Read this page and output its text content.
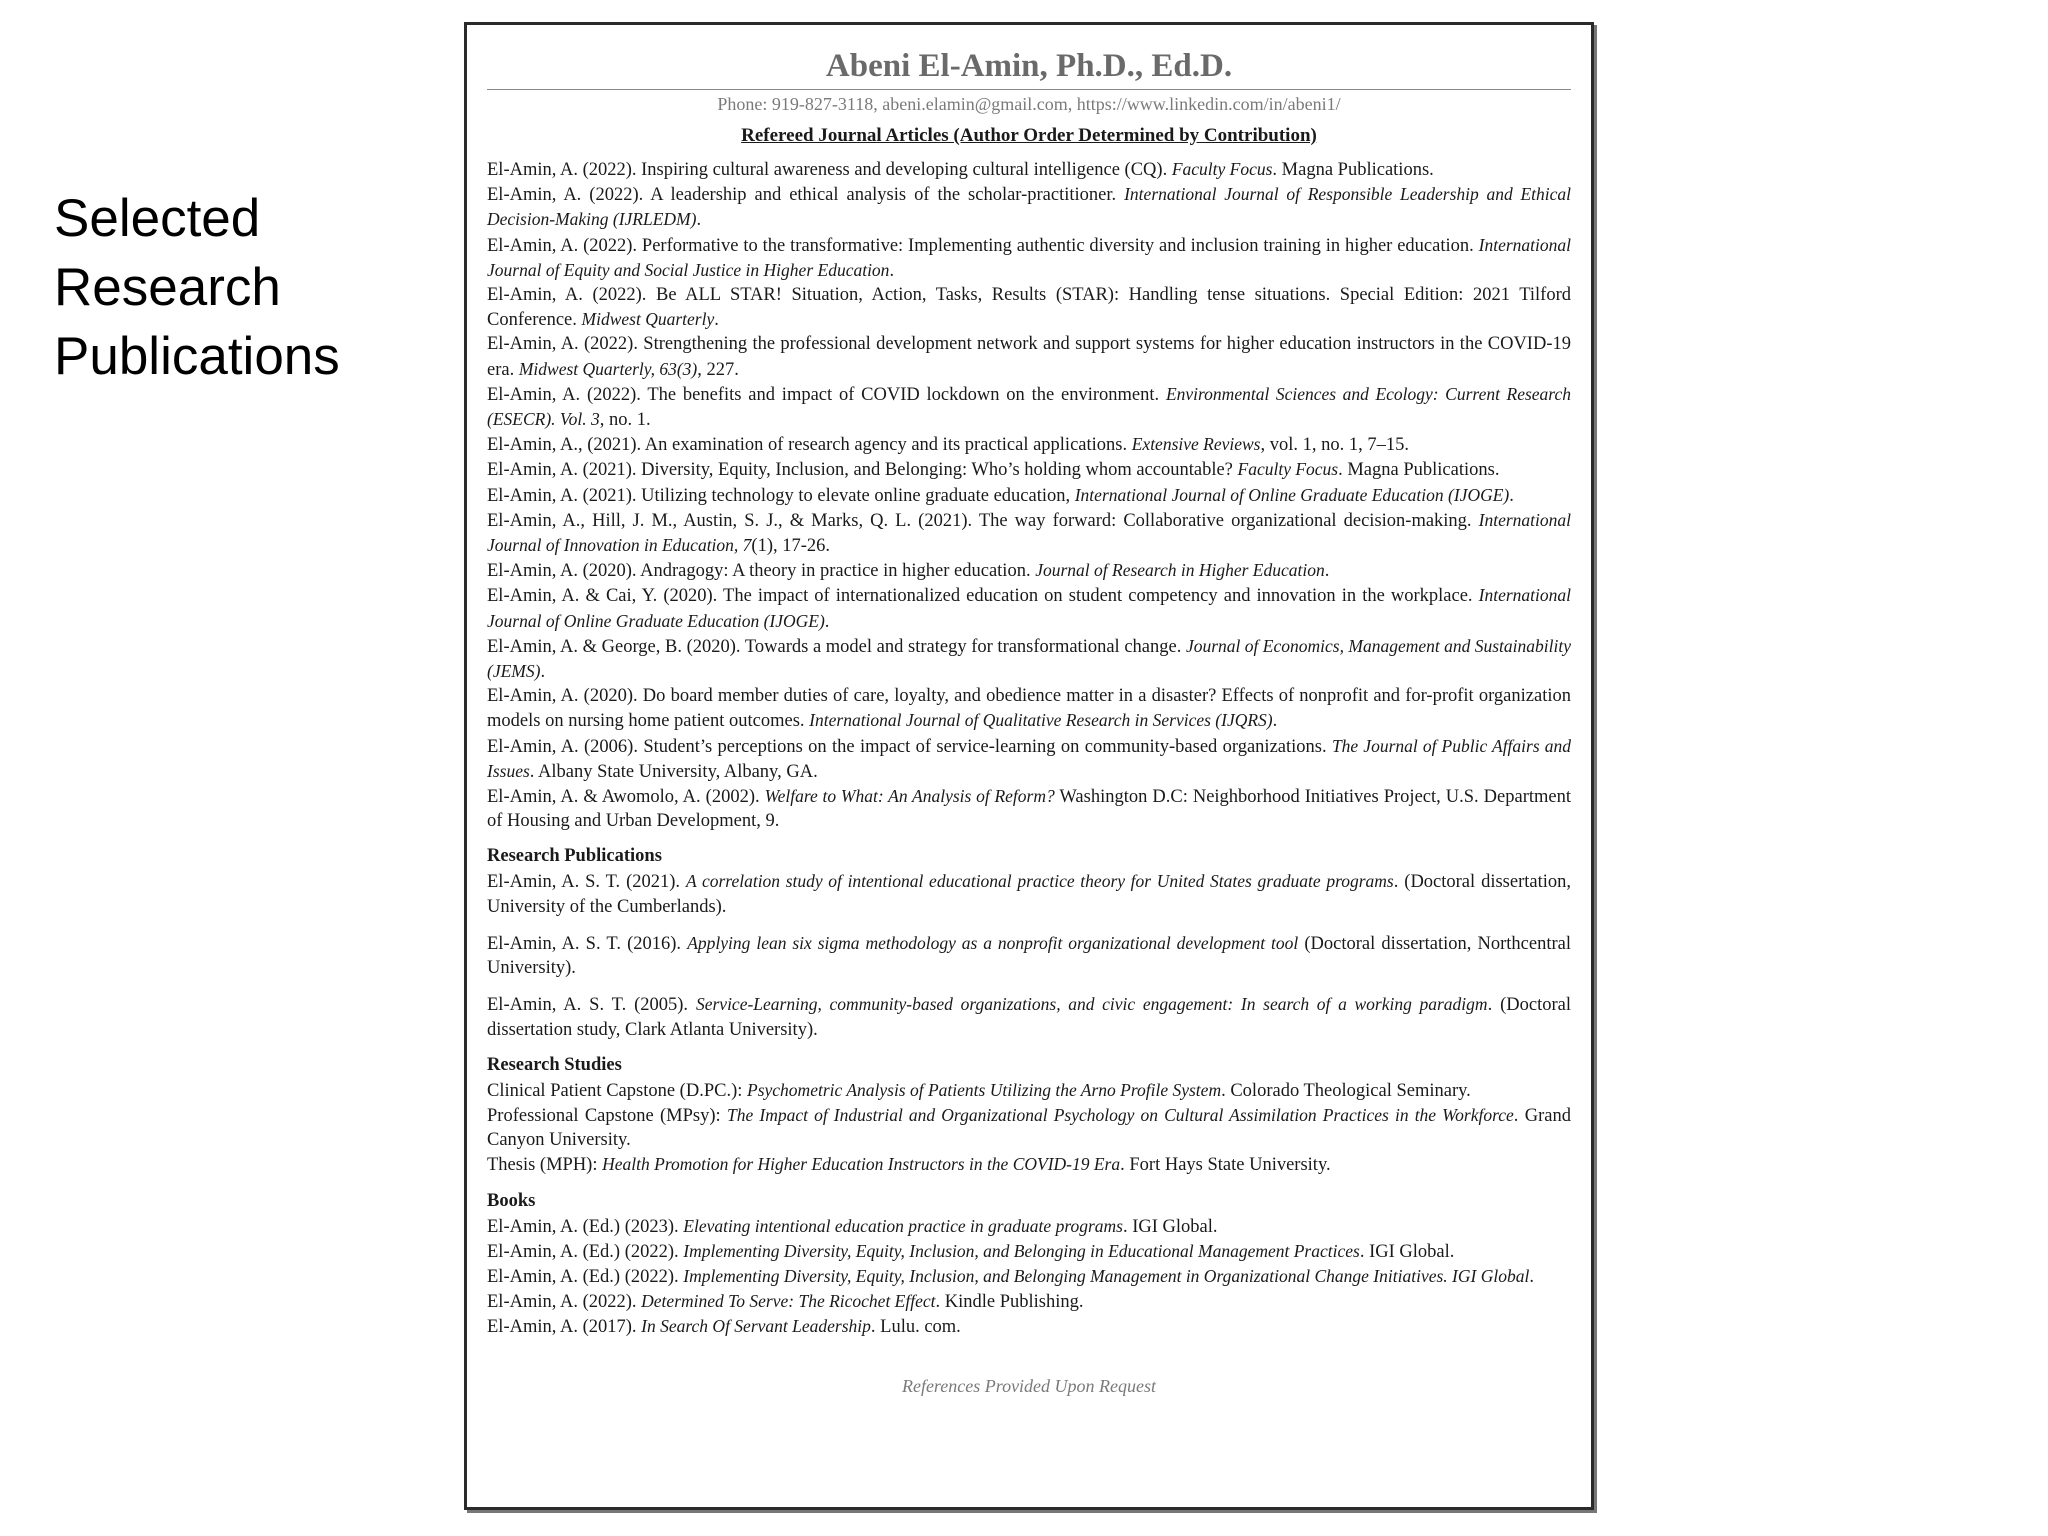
Selected Research Publications
Abeni El-Amin, Ph.D., Ed.D.
Phone: 919-827-3118, abeni.elamin@gmail.com, https://www.linkedin.com/in/abeni1/
Refereed Journal Articles (Author Order Determined by Contribution)
El-Amin, A. (2022). Inspiring cultural awareness and developing cultural intelligence (CQ). Faculty Focus. Magna Publications.
El-Amin, A. (2022). A leadership and ethical analysis of the scholar-practitioner. International Journal of Responsible Leadership and Ethical Decision-Making (IJRLEDM).
El-Amin, A. (2022). Performative to the transformative: Implementing authentic diversity and inclusion training in higher education. International Journal of Equity and Social Justice in Higher Education.
El-Amin, A. (2022). Be ALL STAR! Situation, Action, Tasks, Results (STAR): Handling tense situations. Special Edition: 2021 Tilford Conference. Midwest Quarterly.
El-Amin, A. (2022). Strengthening the professional development network and support systems for higher education instructors in the COVID-19 era. Midwest Quarterly, 63(3), 227.
El-Amin, A. (2022). The benefits and impact of COVID lockdown on the environment. Environmental Sciences and Ecology: Current Research (ESECR). Vol. 3, no. 1.
El-Amin, A., (2021). An examination of research agency and its practical applications. Extensive Reviews, vol. 1, no. 1, 7–15.
El-Amin, A. (2021). Diversity, Equity, Inclusion, and Belonging: Who’s holding whom accountable? Faculty Focus. Magna Publications.
El-Amin, A. (2021). Utilizing technology to elevate online graduate education, International Journal of Online Graduate Education (IJOGE).
El-Amin, A., Hill, J. M., Austin, S. J., & Marks, Q. L. (2021). The way forward: Collaborative organizational decision-making. International Journal of Innovation in Education, 7(1), 17-26.
El-Amin, A. (2020). Andragogy: A theory in practice in higher education. Journal of Research in Higher Education.
El-Amin, A. & Cai, Y. (2020). The impact of internationalized education on student competency and innovation in the workplace. International Journal of Online Graduate Education (IJOGE).
El-Amin, A. & George, B. (2020). Towards a model and strategy for transformational change. Journal of Economics, Management and Sustainability (JEMS).
El-Amin, A. (2020). Do board member duties of care, loyalty, and obedience matter in a disaster? Effects of nonprofit and for-profit organization models on nursing home patient outcomes. International Journal of Qualitative Research in Services (IJQRS).
El-Amin, A. (2006). Student’s perceptions on the impact of service-learning on community-based organizations. The Journal of Public Affairs and Issues. Albany State University, Albany, GA.
El-Amin, A. & Awomolo, A. (2002). Welfare to What: An Analysis of Reform? Washington D.C: Neighborhood Initiatives Project, U.S. Department of Housing and Urban Development, 9.
Research Publications
El-Amin, A. S. T. (2021). A correlation study of intentional educational practice theory for United States graduate programs. (Doctoral dissertation, University of the Cumberlands).
El-Amin, A. S. T. (2016). Applying lean six sigma methodology as a nonprofit organizational development tool (Doctoral dissertation, Northcentral University).
El-Amin, A. S. T. (2005). Service-Learning, community-based organizations, and civic engagement: In search of a working paradigm. (Doctoral dissertation study, Clark Atlanta University).
Research Studies
Clinical Patient Capstone (D.PC.): Psychometric Analysis of Patients Utilizing the Arno Profile System. Colorado Theological Seminary.
Professional Capstone (MPsy): The Impact of Industrial and Organizational Psychology on Cultural Assimilation Practices in the Workforce. Grand Canyon University.
Thesis (MPH): Health Promotion for Higher Education Instructors in the COVID-19 Era. Fort Hays State University.
Books
El-Amin, A. (Ed.) (2023). Elevating intentional education practice in graduate programs. IGI Global.
El-Amin, A. (Ed.) (2022). Implementing Diversity, Equity, Inclusion, and Belonging in Educational Management Practices. IGI Global.
El-Amin, A. (Ed.) (2022). Implementing Diversity, Equity, Inclusion, and Belonging Management in Organizational Change Initiatives. IGI Global.
El-Amin, A. (2022). Determined To Serve: The Ricochet Effect. Kindle Publishing.
El-Amin, A. (2017). In Search Of Servant Leadership. Lulu. com.
References Provided Upon Request
